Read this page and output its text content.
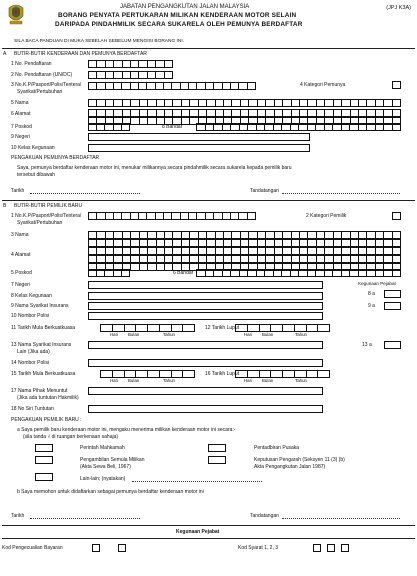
(JPJ K3A)
JABATAN PENGANGKUTAN JALAN MALAYSIA
BORANG PENYATA PERTUKARAN MILIKAN KENDERAAN MOTOR SELAIN
DARIPADA PINDAHMILIK SECARA SUKARELA OLEH PEMUNYA BERDAFTAR
SILA BACA PANDUAN DI MUKA SEBELAH SEBELUM MENGISI BORANG INI.
A BUTIR-BUTIR KENDERAAN DAN PEMUNYA BERDAFTAR
1 No. Pendaftaran
2 No. Pendaftaran (UN/DC)
3 No.K.P/Pasport/Polis/Tentera/
Syarikat/Pertubuhan
4 Kategori Pemunya
5 Nama
6 Alamat
7 Poskod	8 Bandar
9 Negeri
10 Kelas Kegunaan
PENGAKUAN PEMUNYA BERDAFTAR
Saya, pemunya berdaftar kenderaan motor ini, menukar milikannya secara pindahmilik secara sukarela kepada pemilik baru
tersebut dibawah
Tarikh	Tandatangan
B BUTIR-BUTIR PEMILIK BARU
1 No.K.P/Pasport/Polis/Tentera/
Syarikat/Pertubuhan
2 Kategori Pemilik
3 Nama
4 Alamat
5 Poskod	6 Bandar
7 Negeri	Kegunaan Pejabat
8 Kelas Kegunaan	8 a
9 Nama Syarikat Insurans	9 a
10 Nombor Polisi
11 Tarikh Mula Berkuatkuasa
Hari Bulan	Tahun
12 Tarikh Luput
Hari Bulan	Tahun
13 Nama Syarikat Insurans
Lain (Jika ada)
13 a
14 Nombor Polisi
15 Tarikh Mula Berkuatkuasa
Hari Bulan	Tahun
16 Tarikh Luput
Hari Bulan	Tahun
17 Nama Pihak Menuntut
(Jika ada tuntutan Hakmilik)
18 No Siri Tuntutan
PENGAKUAN PEMILIK BARU :
a Saya pemilik baru kenderaan motor ini, mengaku menerima milikan kenderaan motor ini secara:-
(sila tanda √ di ruangan berkenaan sahaja)
Perintah Mahkamah	Pentadbiran Pusaka
Pengambilan Semula Milikan
(Akta Sewa Beli, 1967)
Keputusan Pengarah (Seksyen 11 (3) (b)
Akta Pengangkutan Jalan 1987)
Lain-lain; (nyatakan)
b Saya memohon untuk didaftarkan sebagai pemunya berdaftar kenderaan motor ini
Tarikh	Tandatangan
Kegunaan Pejabat
Kod Pengecualian Bayaran	Kod Syarat 1, 2, 3
